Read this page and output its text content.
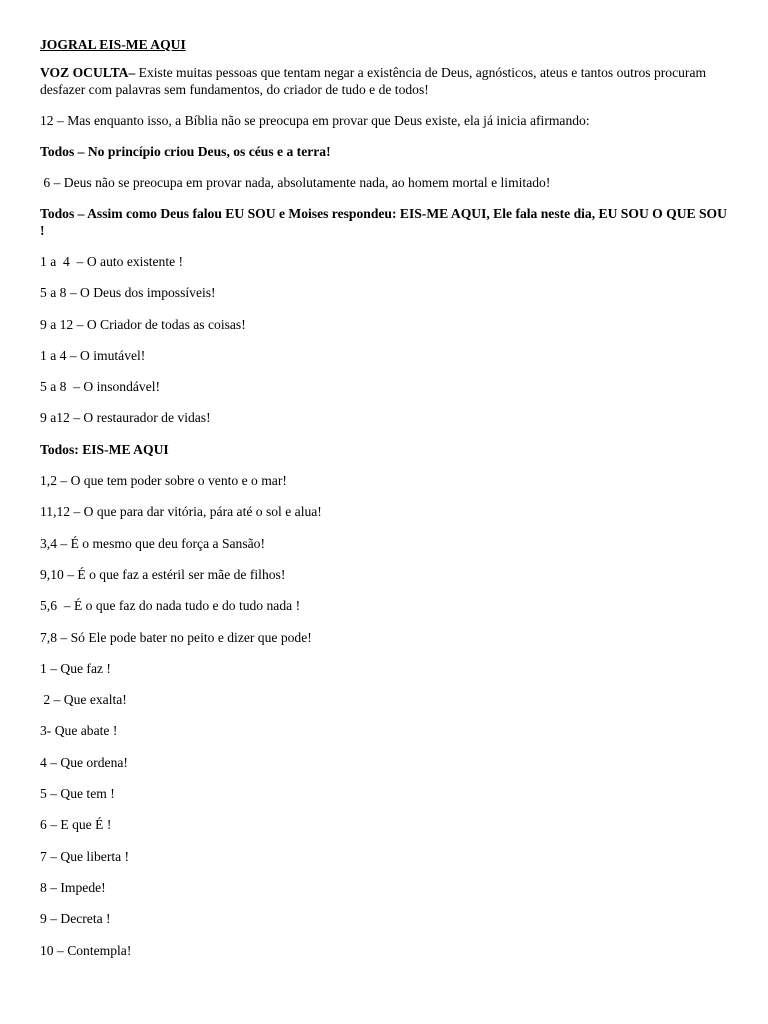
JOGRAL EIS-ME AQUI

VOZ OCULTA– Existe muitas pessoas que tentam negar a existência de Deus, agnósticos, ateus e tantos outros procuram desfazer com palavras sem fundamentos, do criador de tudo e de todos!

12 – Mas enquanto isso, a Bíblia não se preocupa em provar que Deus existe, ela já inicia afirmando:

Todos – No princípio criou Deus, os céus e a terra!

6 – Deus não se preocupa em provar nada, absolutamente nada, ao homem mortal e limitado!

Todos – Assim como Deus falou EU SOU e Moises respondeu: EIS-ME AQUI, Ele fala neste dia, EU SOU O QUE SOU !

1 a  4  – O auto existente !

5 a 8 – O Deus dos impossíveis!

9 a 12 – O Criador de todas as coisas!

1 a 4 – O imutável!

5 a 8  – O insondável!

9 a12 – O restaurador de vidas!

Todos: EIS-ME AQUI

1,2 – O que tem poder sobre o vento e o mar!

11,12 – O que para dar vitória, pára até o sol e alua!

3,4 – É o mesmo que deu força a Sansão!

9,10 – É o que faz a estéril ser mãe de filhos!

5,6  – É o que faz do nada tudo e do tudo nada !

7,8 – Só Ele pode bater no peito e dizer que pode!

1 – Que faz !

2 – Que exalta!

3- Que abate !

4 – Que ordena!

5 – Que tem !

6 – E que É !

7 – Que liberta !

8 – Impede!

9 – Decreta !

10 – Contempla!
